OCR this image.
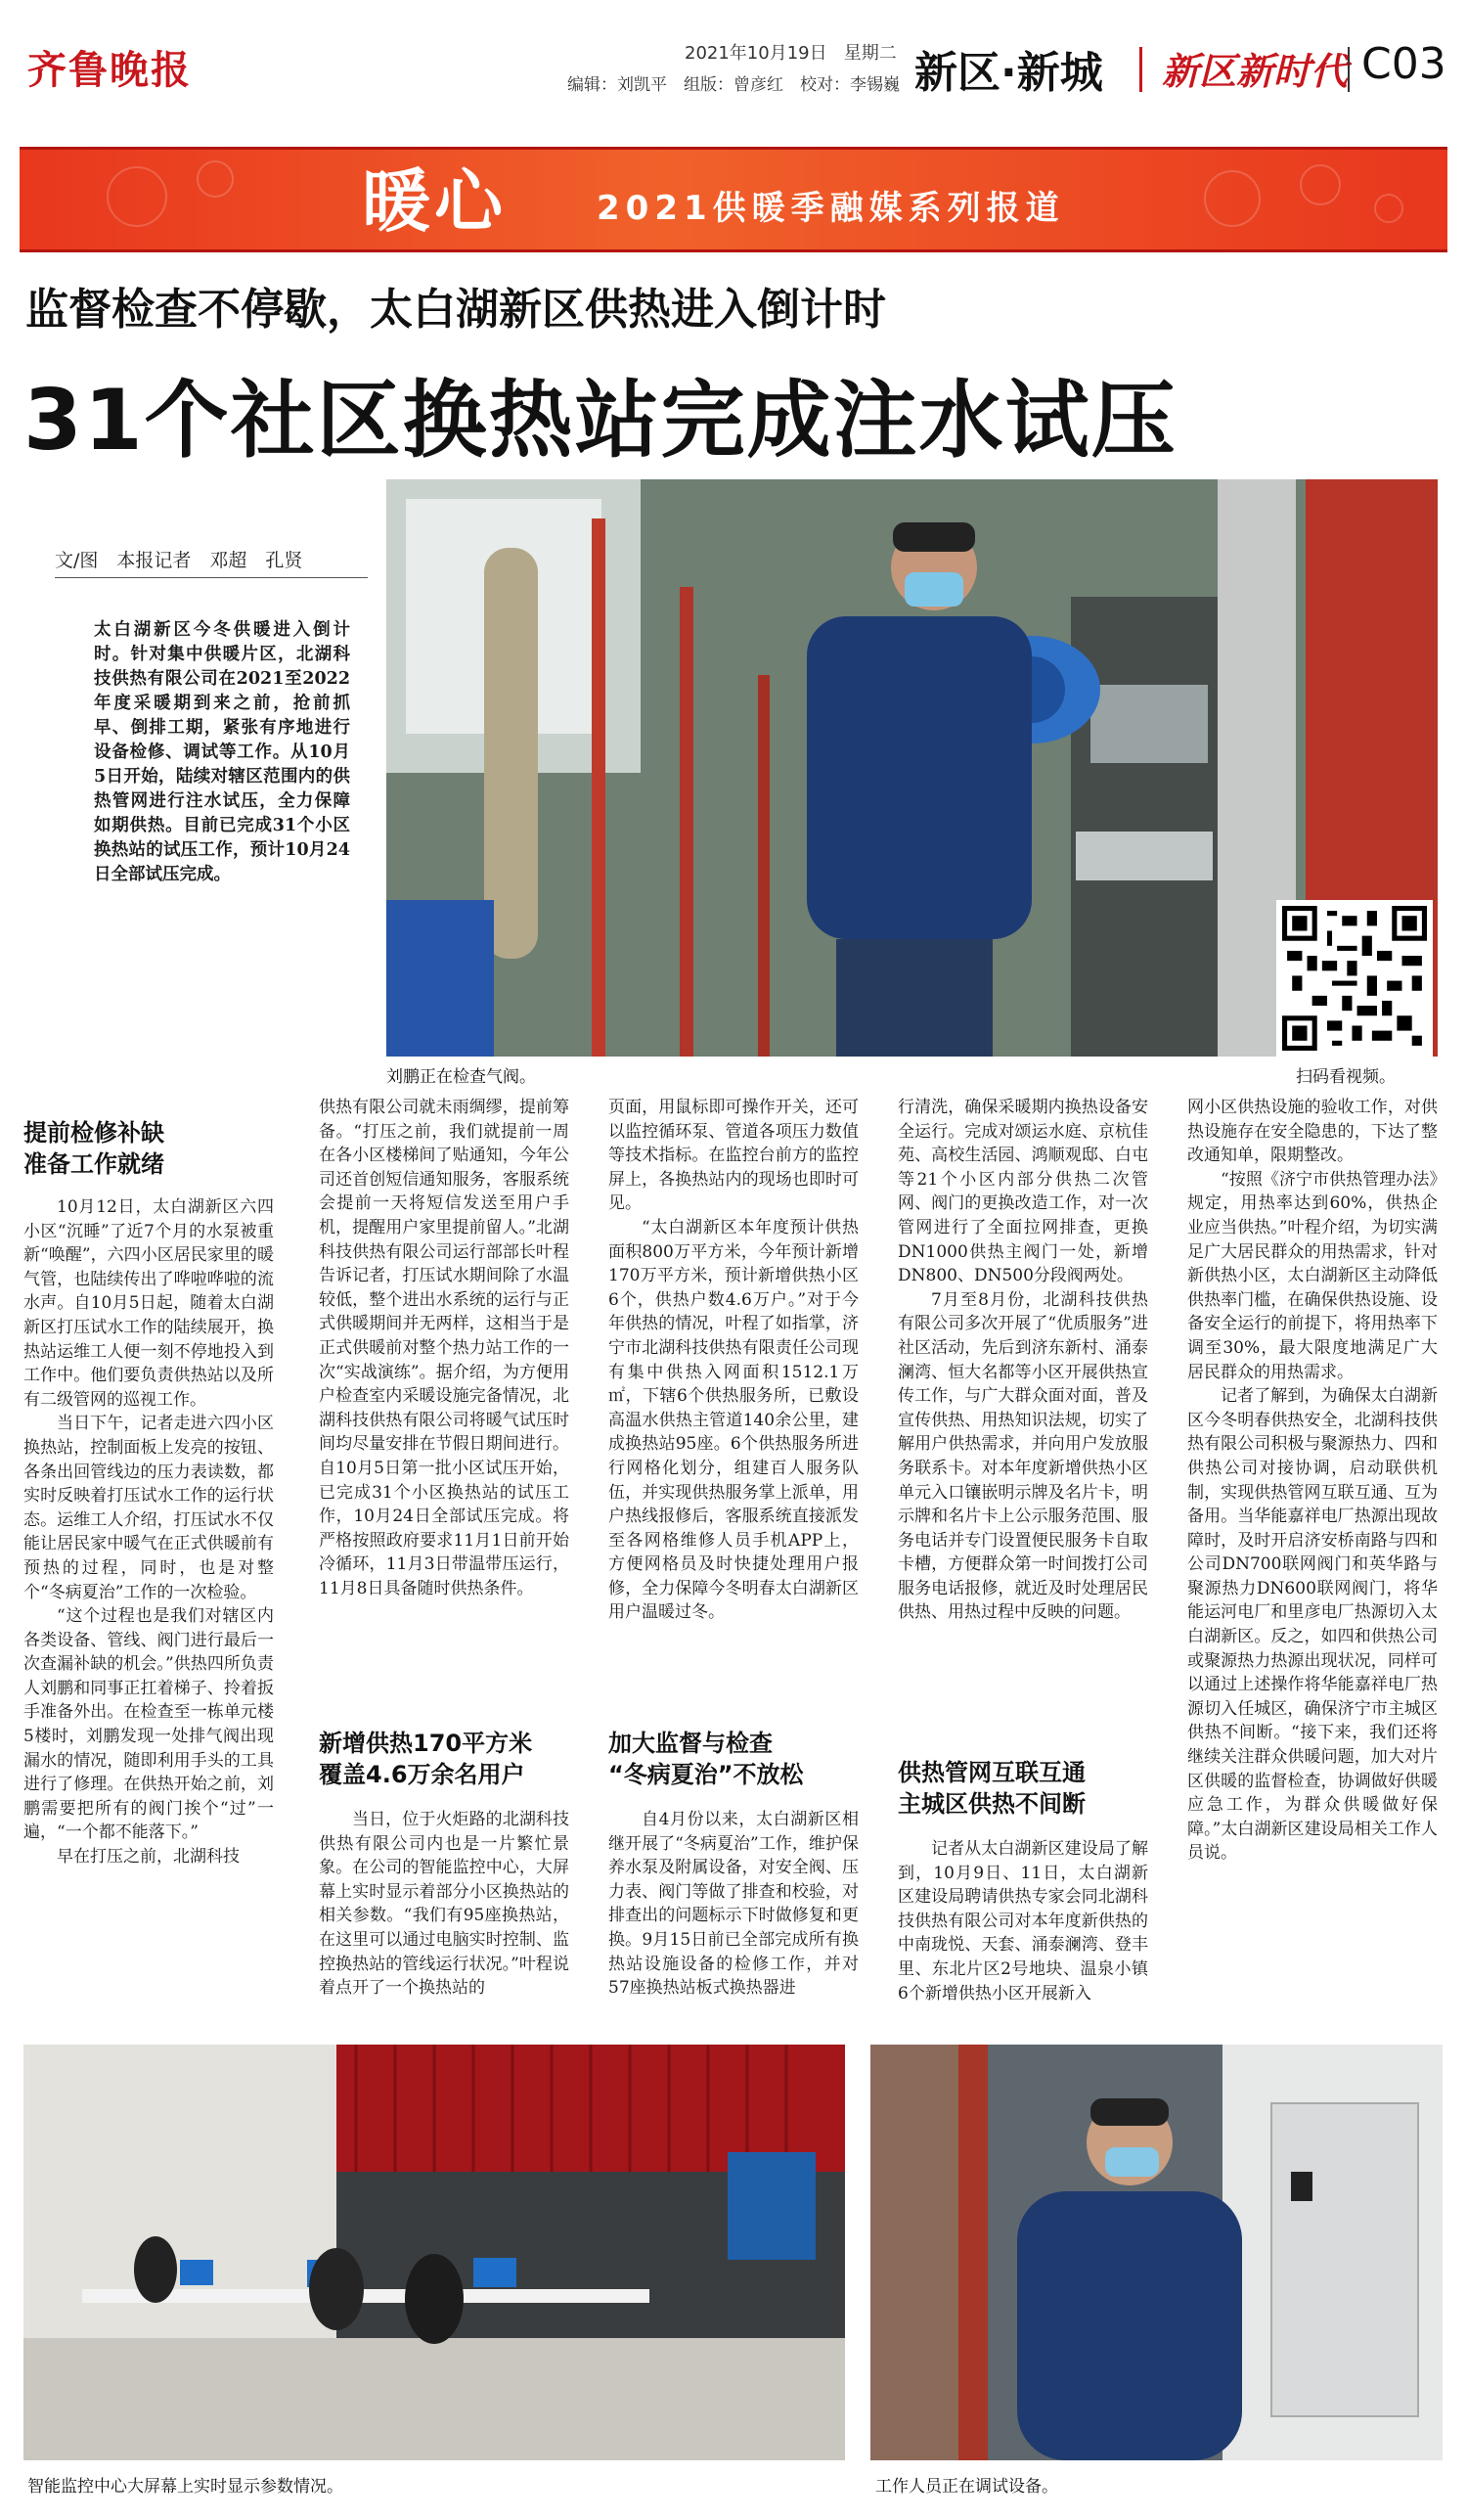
齐鲁晚报	2021年10月19日 星期二
编辑：刘凯平　组版：曾彦红　校对：李锡巍 新区·新城 新区新时代 C03
暖心	2021供暖季融媒系列报道
监督检查不停歇，太白湖新区供热进入倒计时
31个社区换热站完成注水试压
文/图　本报记者　邓超　孔贤
太白湖新区今冬供暖进入倒计时。针对集中供暖片区，北湖科技供热有限公司在2021至2022年度采暖期到来之前，抢前抓早、倒排工期，紧张有序地进行设备检修、调试等工作。从10月5日开始，陆续对辖区范围内的供热管网进行注水试压，全力保障如期供热。目前已完成31个小区换热站的试压工作，预计10月24日全部试压完成。
刘鹏正在检查气阀。	扫码看视频。
提前检修补缺
准备工作就绪

10月12日，太白湖新区六四小区“沉睡”了近7个月的水泵被重新“唤醒”，六四小区居民家里的暖气管，也陆续传出了哗啦哗啦的流水声。自10月5日起，随着太白湖新区打压试水工作的陆续展开，换热站运维工人便一刻不停地投入到工作中。他们要负责供热站以及所有二级管网的巡视工作。

当日下午，记者走进六四小区换热站，控制面板上发亮的按钮、各条出回管线边的压力表读数，都实时反映着打压试水工作的运行状态。运维工人介绍，打压试水不仅能让居民家中暖气在正式供暖前有预热的过程，同时，也是对整个“冬病夏治”工作的一次检验。

“这个过程也是我们对辖区内各类设备、管线、阀门进行最后一次查漏补缺的机会。”供热四所负责人刘鹏和同事正扛着梯子、拎着扳手准备外出。在检查至一栋单元楼5楼时，刘鹏发现一处排气阀出现漏水的情况，随即利用手头的工具进行了修理。在供热开始之前，刘鹏需要把所有的阀门挨个“过”一遍，“一个都不能落下。”

早在打压之前，北湖科技

供热有限公司就未雨绸缪，提前筹备。“打压之前，我们就提前一周在各小区楼梯间了贴通知，今年公司还首创短信通知服务，客服系统会提前一天将短信发送至用户手机，提醒用户家里提前留人。”北湖科技供热有限公司运行部部长叶程告诉记者，打压试水期间除了水温较低，整个进出水系统的运行与正式供暖期间并无两样，这相当于是正式供暖前对整个热力站工作的一次“实战演练”。据介绍，为方便用户检查室内采暖设施完备情况，北湖科技供热有限公司将暖气试压时间均尽量安排在节假日期间进行。自10月5日第一批小区试压开始，已完成31个小区换热站的试压工作，10月24日全部试压完成。将严格按照政府要求11月1日前开始冷循环，11月3日带温带压运行，11月8日具备随时供热条件。

新增供热170平方米
覆盖4.6万余名用户

当日，位于火炬路的北湖科技供热有限公司内也是一片繁忙景象。在公司的智能监控中心，大屏幕上实时显示着部分小区换热站的相关参数。“我们有95座换热站，在这里可以通过电脑实时控制、监控换热站的管线运行状况。”叶程说着点开了一个换热站的

页面，用鼠标即可操作开关，还可以监控循环泵、管道各项压力数值等技术指标。在监控台前方的监控屏上，各换热站内的现场也即时可见。

“太白湖新区本年度预计供热面积800万平方米，今年预计新增170万平方米，预计新增供热小区6个，供热户数4.6万户。”对于今年供热的情况，叶程了如指掌，济宁市北湖科技供热有限责任公司现有集中供热入网面积1512.1万㎡，下辖6个供热服务所，已敷设高温水供热主管道140余公里，建成换热站95座。6个供热服务所进行网格化划分，组建百人服务队伍，并实现供热服务掌上派单，用户热线报修后，客服系统直接派发至各网格维修人员手机APP上，方便网格员及时快捷处理用户报修，全力保障今冬明春太白湖新区用户温暖过冬。

加大监督与检查
“冬病夏治”不放松

自4月份以来，太白湖新区相继开展了“冬病夏治”工作，维护保养水泵及附属设备，对安全阀、压力表、阀门等做了排查和校验，对排查出的问题标示下时做修复和更换。9月15日前已全部完成所有换热站设施设备的检修工作，并对57座换热站板式换热器进

行清洗，确保采暖期内换热设备安全运行。完成对颂运水庭、京杭佳苑、高校生活园、鸿顺观邸、白屯等21个小区内部分供热二次管网、阀门的更换改造工作，对一次管网进行了全面拉网排查，更换DN1000供热主阀门一处，新增DN800、DN500分段阀两处。

7月至8月份，北湖科技供热有限公司多次开展了“优质服务”进社区活动，先后到济东新村、涌泰澜湾、恒大名都等小区开展供热宣传工作，与广大群众面对面，普及宣传供热、用热知识法规，切实了解用户供热需求，并向用户发放服务联系卡。对本年度新增供热小区单元入口镶嵌明示牌及名片卡，明示牌和名片卡上公示服务范围、服务电话并专门设置便民服务卡自取卡槽，方便群众第一时间拨打公司服务电话报修，就近及时处理居民供热、用热过程中反映的问题。

供热管网互联互通
主城区供热不间断

记者从太白湖新区建设局了解到，10月9日、11日，太白湖新区建设局聘请供热专家会同北湖科技供热有限公司对本年度新供热的中南珑悦、天套、涌泰澜湾、登丰里、东北片区2号地块、温泉小镇6个新增供热小区开展新入

网小区供热设施的验收工作，对供热设施存在安全隐患的，下达了整改通知单，限期整改。

“按照《济宁市供热管理办法》规定，用热率达到60%，供热企业应当供热。”叶程介绍，为切实满足广大居民群众的用热需求，针对新供热小区，太白湖新区主动降低供热率门槛，在确保供热设施、设备安全运行的前提下，将用热率下调至30%，最大限度地满足广大居民群众的用热需求。

记者了解到，为确保太白湖新区今冬明春供热安全，北湖科技供热有限公司积极与聚源热力、四和供热公司对接协调，启动联供机制，实现供热管网互联互通、互为备用。当华能嘉祥电厂热源出现故障时，及时开启济安桥南路与四和公司DN700联网阀门和英华路与聚源热力DN600联网阀门，将华能运河电厂和里彦电厂热源切入太白湖新区。反之，如四和供热公司或聚源热力热源出现状况，同样可以通过上述操作将华能嘉祥电厂热源切入任城区，确保济宁市主城区供热不间断。“接下来，我们还将继续关注群众供暖问题，加大对片区供暖的监督检查，协调做好供暖应急工作，为群众供暖做好保障。”太白湖新区建设局相关工作人员说。

智能监控中心大屏幕上实时显示参数情况。	工作人员正在调试设备。
